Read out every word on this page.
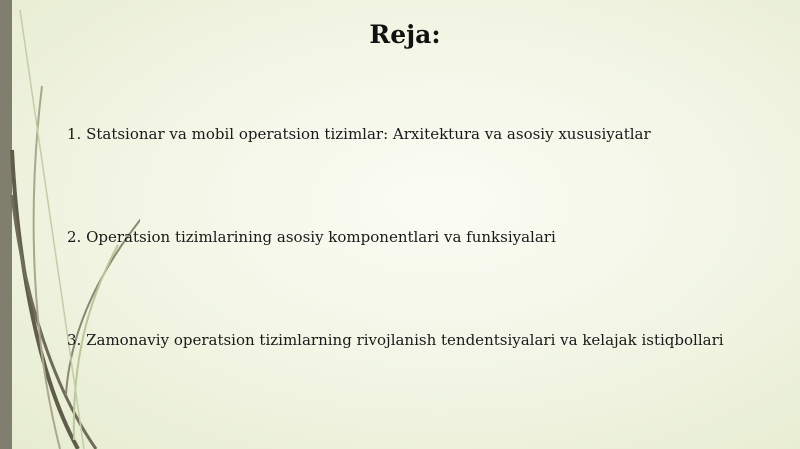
Reja:
1. Statsionar va mobil operatsion tizimlar: Arxitektura va asosiy xususiyatlar
2. Operatsion tizimlarining asosiy komponentlari va funksiyalari
3. Zamonaviy operatsion tizimlarning rivojlanish tendentsiyalari va kelajak istiqbollari
